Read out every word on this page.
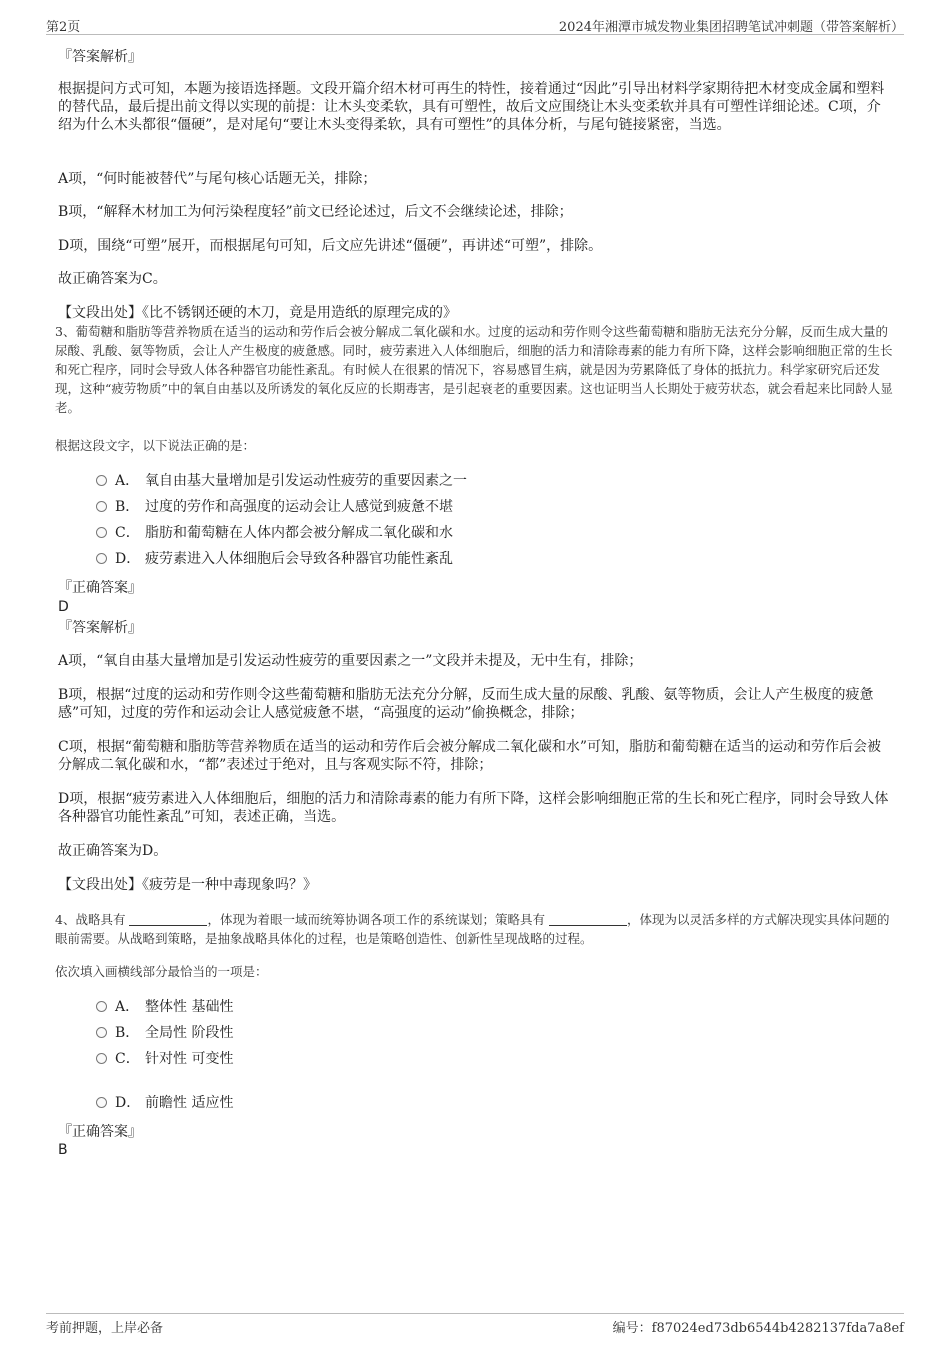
第2页	2024年湘潭市城发物业集团招聘笔试冲刺题（带答案解析）
『答案解析』

根据提问方式可知，本题为接语选择题。文段开篇介绍木材可再生的特性，接着通过“因此”引导出材料学家期待把木材变成金属和塑料的替代品，最后提出前文得以实现的前提：让木头变柔软，具有可塑性，故后文应围绕让木头变柔软并具有可塑性详细论述。C项，介绍为什么木头都很“僵硬”，是对尾句“要让木头变得柔软，具有可塑性”的具体分析，与尾句链接紧密，当选。

A项，“何时能被替代”与尾句核心话题无关，排除；
B项，“解释木材加工为何污染程度轻”前文已经论述过，后文不会继续论述，排除；
D项，围绕“可塑”展开，而根据尾句可知，后文应先讲述“僵硬”，再讲述“可塑”，排除。
故正确答案为C。
【文段出处】《比不锈钢还硬的木刀，竟是用造纸的原理完成的》

3、葡萄糖和脂肪等营养物质在适当的运动和劳作后会被分解成二氧化碳和水。过度的运动和劳作则令这些葡萄糖和脂肪无法充分分解，反而生成大量的尿酸、乳酸、氨等物质，会让人产生极度的疲惫感。同时，疲劳素进入人体细胞后，细胞的活力和清除毒素的能力有所下降，这样会影响细胞正常的生长和死亡程序，同时会导致人体各种器官功能性紊乱。有时候人在很累的情况下，容易感冒生病，就是因为劳累降低了身体的抵抗力。科学家研究后还发现，这种“疲劳物质”中的氧自由基以及所诱发的氧化反应的长期毒害，是引起衰老的重要因素。这也证明当人长期处于疲劳状态，就会看起来比同龄人显老。

根据这段文字，以下说法正确的是：
A． 氧自由基大量增加是引发运动性疲劳的重要因素之一
B． 过度的劳作和高强度的运动会让人感觉到疲惫不堪
C． 脂肪和葡萄糖在人体内都会被分解成二氧化碳和水
D． 疲劳素进入人体细胞后会导致各种器官功能性紊乱
『正确答案』
D
『答案解析』
A项，“氧自由基大量增加是引发运动性疲劳的重要因素之一”文段并未提及，无中生有，排除；

B项，根据“过度的运动和劳作则令这些葡萄糖和脂肪无法充分分解，反而生成大量的尿酸、乳酸、氨等物质，会让人产生极度的疲惫感”可知，过度的劳作和运动会让人感觉疲惫不堪，“高强度的运动”偷换概念，排除；

C项，根据“葡萄糖和脂肪等营养物质在适当的运动和劳作后会被分解成二氧化碳和水”可知，脂肪和葡萄糖在适当的运动和劳作后会被分解成二氧化碳和水，“都”表述过于绝对，且与客观实际不符，排除；

D项，根据“疲劳素进入人体细胞后，细胞的活力和清除毒素的能力有所下降，这样会影响细胞正常的生长和死亡程序，同时会导致人体各种器官功能性紊乱”可知，表述正确，当选。

故正确答案为D。
【文段出处】《疲劳是一种中毒现象吗？》

4、战略具有	，体现为着眼一域而统筹协调各项工作的系统谋划；策略具有	，体现为以灵活多样的方式解决现实具体问题的眼前需要。从战略到策略，是抽象战略具体化的过程，也是策略创造性、创新性呈现战略的过程。

依次填入画横线部分最恰当的一项是：
A． 整体性 基础性
B． 全局性 阶段性
C． 针对性 可变性
D． 前瞻性 适应性
『正确答案』
B
考前押题，上岸必备	编号：f87024ed73db6544b4282137fda7a8ef
